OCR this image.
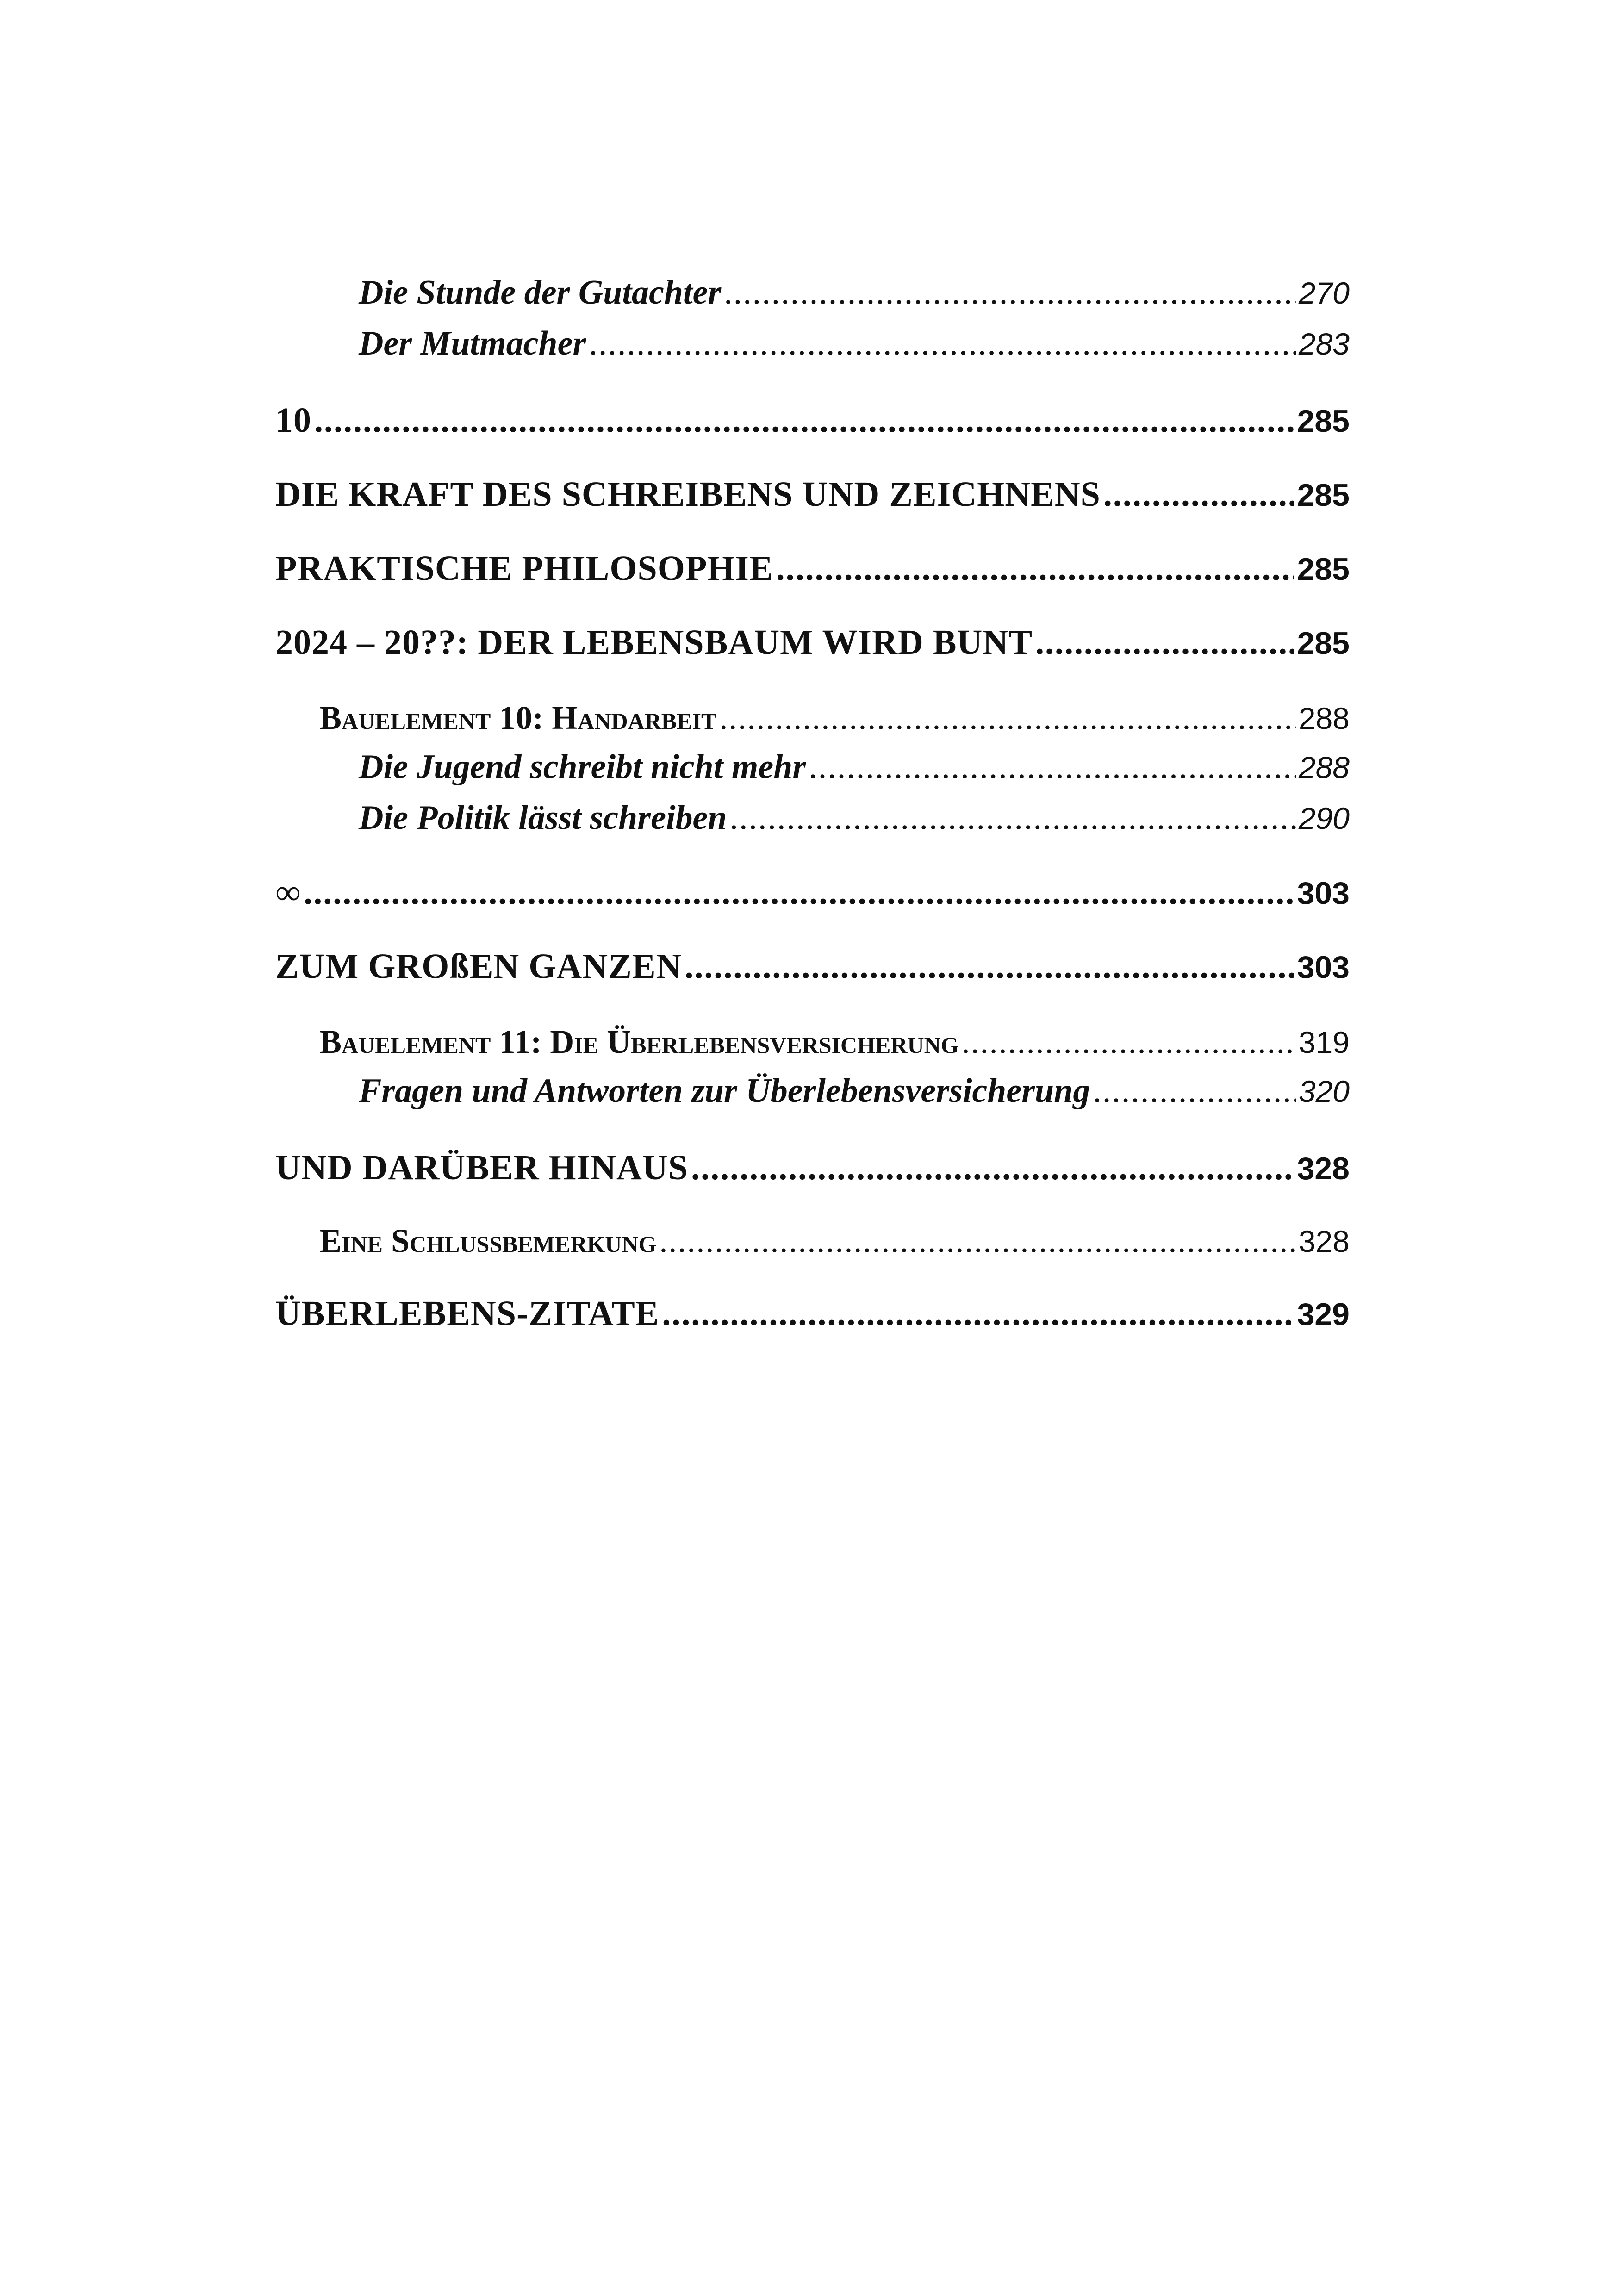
Die Stunde der Gutachter .....	270
Der Mutmacher .....	283
10 .....	285
DIE KRAFT DES SCHREIBENS UND ZEICHNENS .....	285
PRAKTISCHE PHILOSOPHIE .....	285
2024 – 20??: DER LEBENSBAUM WIRD BUNT .....	285
Bauelement 10: Handarbeit .....	288
Die Jugend schreibt nicht mehr .....	288
Die Politik lässt schreiben .....	290
∞ .....	303
ZUM GROßEN GANZEN .....	303
Bauelement 11: Die Überlebensversicherung .....	319
Fragen und Antworten zur Überlebensversicherung .....	320
UND DARÜBER HINAUS .....	328
Eine Schlussbemerkung .....	328
ÜBERLEBENS-ZITATE .....	329
